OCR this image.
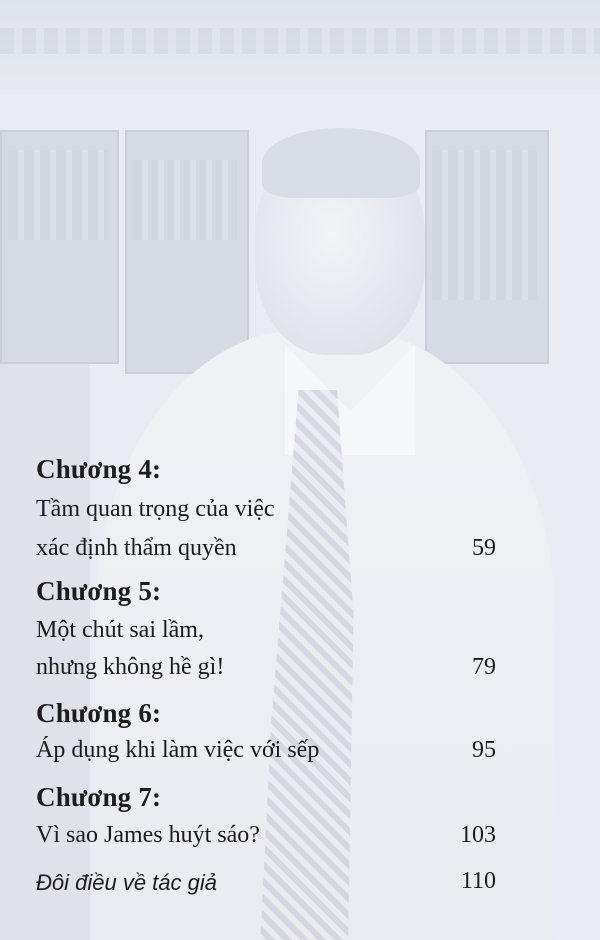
Chương 4:
Tầm quan trọng của việc
xác định thẩm quyền	59
Chương 5:
Một chút sai lầm,
nhưng không hề gì!	79
Chương 6:
Áp dụng khi làm việc với sếp	95
Chương 7:
Vì sao James huýt sáo?	103
Đôi điều về tác giả	110
